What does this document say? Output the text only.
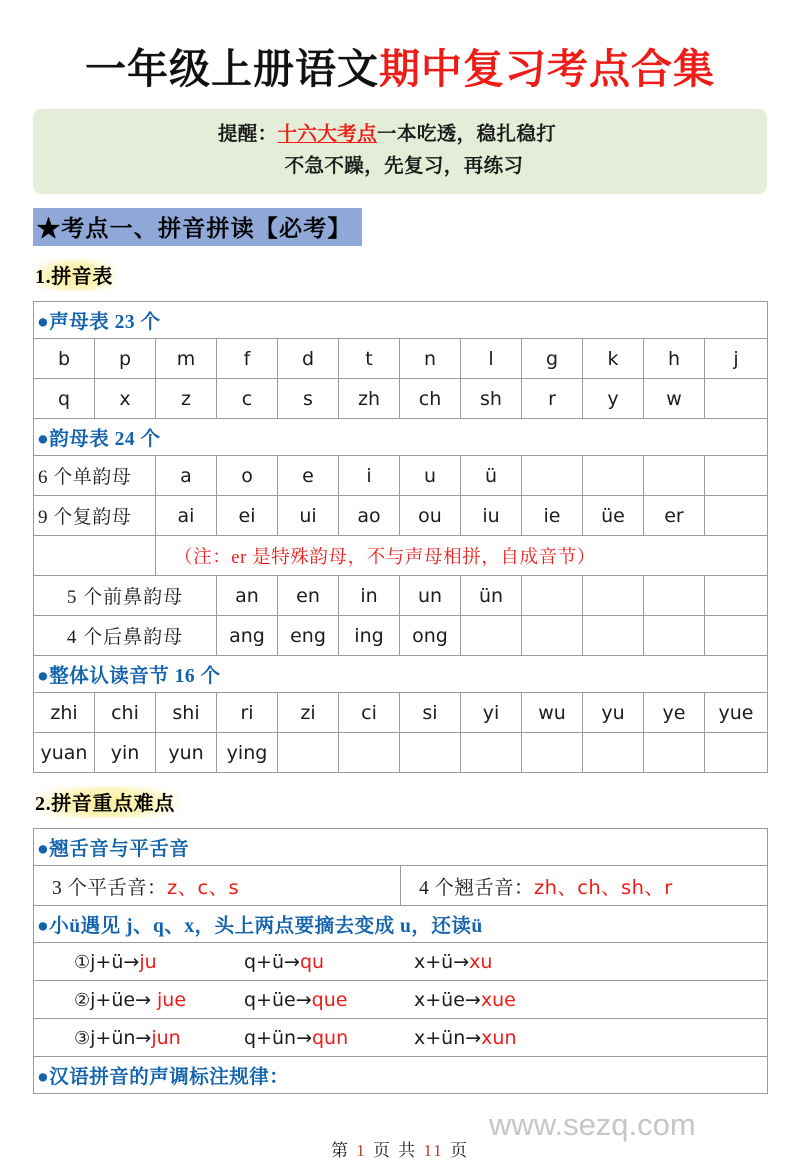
www.sezq.com
一年级上册语文期中复习考点合集
提醒：十六大考点一本吃透，稳扎稳打
不急不躁，先复习，再练习
★考点一、拼音拼读【必考】
1.拼音表
●声母表 23 个											
b	p	m	f	d	t	n	l	g	k	h	j
q	x	z	c	s	zh	ch	sh	r	y	w	
●韵母表 24 个											
6 个单韵母		a	o	e	i	u	ü				
9 个复韵母		ai	ei	ui	ao	ou	iu	ie	üe	er	
		（注：er 是特殊韵母，不与声母相拼，自成音节）									
5 个前鼻韵母			an	en	in	un	ün				
4 个后鼻韵母			ang	eng	ing	ong					
●整体认读音节 16 个											
zhi	chi	shi	ri	zi	ci	si	yi	wu	yu	ye	yue
yuan	yin	yun	ying								
2.拼音重点难点
●翘舌音与平舌音
3 个平舌音：z、c、s	4 个翘舌音：zh、ch、sh、r
●小ü遇见 j、q、x，头上两点要摘去变成 u，还读ü

①j+ü→ju	q+ü→qu	x+ü→xu

②j+üe→ jue	q+üe→que	x+üe→xue

③j+ün→jun	q+ün→qun	x+ün→xun

●汉语拼音的声调标注规律：
第 1 页 共 11 页
